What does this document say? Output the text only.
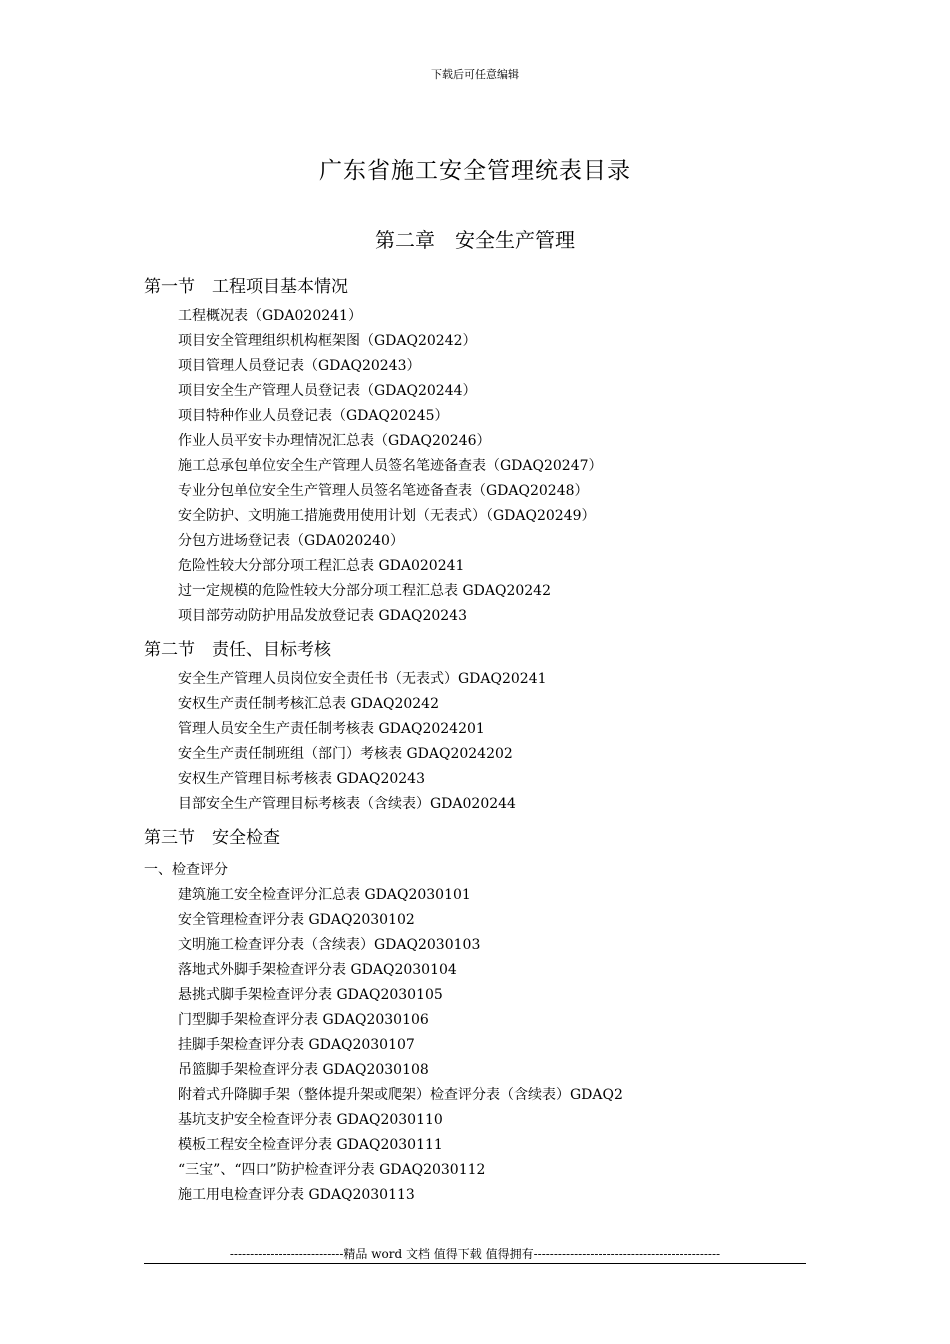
下载后可任意编辑
广东省施工安全管理统表目录
第二章　安全生产管理
第一节　工程项目基本情况
工程概况表（GDA020241）
项目安全管理组织机构框架图（GDAQ20242）
项目管理人员登记表（GDAQ20243）
项目安全生产管理人员登记表（GDAQ20244）
项目特种作业人员登记表（GDAQ20245）
作业人员平安卡办理情况汇总表（GDAQ20246）
施工总承包单位安全生产管理人员签名笔迹备查表（GDAQ20247）
专业分包单位安全生产管理人员签名笔迹备查表（GDAQ20248）
安全防护、文明施工措施费用使用计划（无表式）（GDAQ20249）
分包方进场登记表（GDA020240）
危险性较大分部分项工程汇总表 GDA020241
过一定规模的危险性较大分部分项工程汇总表 GDAQ20242
项目部劳动防护用品发放登记表 GDAQ20243
第二节　责任、目标考核
安全生产管理人员岗位安全责任书（无表式）GDAQ20241
安权生产责任制考核汇总表 GDAQ20242
管理人员安全生产责任制考核表 GDAQ2024201
安全生产责任制班组（部门）考核表 GDAQ2024202
安权生产管理目标考核表 GDAQ20243
目部安全生产管理目标考核表（含续表）GDA020244
第三节　安全检查
一、检查评分
建筑施工安全检查评分汇总表 GDAQ2030101
安全管理检查评分表 GDAQ2030102
文明施工检查评分表（含续表）GDAQ2030103
落地式外脚手架检查评分表 GDAQ2030104
悬挑式脚手架检查评分表 GDAQ2030105
门型脚手架检查评分表 GDAQ2030106
挂脚手架检查评分表 GDAQ2030107
吊篮脚手架检查评分表 GDAQ2030108
附着式升降脚手架（整体提升架或爬架）检查评分表（含续表）GDAQ2
基坑支护安全检查评分表 GDAQ2030110
模板工程安全检查评分表 GDAQ2030111
“三宝”、“四口”防护检查评分表 GDAQ2030112
施工用电检查评分表 GDAQ2030113
----------------------------精品 word 文档 值得下载 值得拥有----------------------------------------------
